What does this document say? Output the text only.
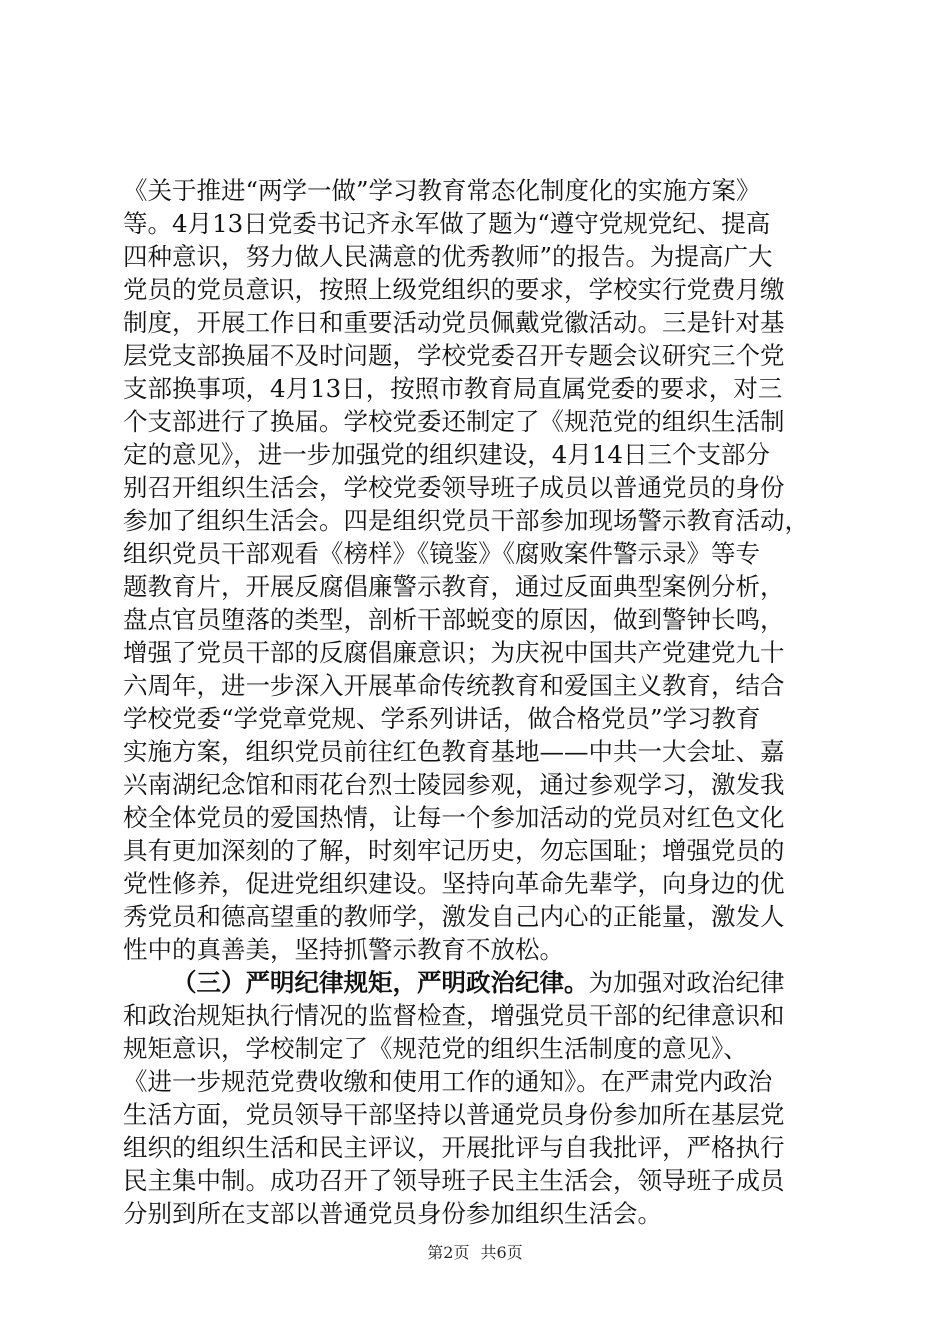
《关于推进“两学一做”学习教育常态化制度化的实施方案》
等。4月13日党委书记齐永军做了题为“遵守党规党纪、提高
四种意识，努力做人民满意的优秀教师”的报告。为提高广大
党员的党员意识，按照上级党组织的要求，学校实行党费月缴
制度，开展工作日和重要活动党员佩戴党徽活动。三是针对基
层党支部换届不及时问题，学校党委召开专题会议研究三个党
支部换事项，4月13日，按照市教育局直属党委的要求，对三
个支部进行了换届。学校党委还制定了《规范党的组织生活制
定的意见》，进一步加强党的组织建设，4月14日三个支部分
别召开组织生活会，学校党委领导班子成员以普通党员的身份
参加了组织生活会。四是组织党员干部参加现场警示教育活动，
组织党员干部观看《榜样》《镜鉴》《腐败案件警示录》等专
题教育片，开展反腐倡廉警示教育，通过反面典型案例分析，
盘点官员堕落的类型，剖析干部蜕变的原因，做到警钟长鸣，
增强了党员干部的反腐倡廉意识；为庆祝中国共产党建党九十
六周年，进一步深入开展革命传统教育和爱国主义教育，结合
学校党委“学党章党规、学系列讲话，做合格党员”学习教育
实施方案，组织党员前往红色教育基地——中共一大会址、嘉
兴南湖纪念馆和雨花台烈士陵园参观，通过参观学习，激发我
校全体党员的爱国热情，让每一个参加活动的党员对红色文化
具有更加深刻的了解，时刻牢记历史，勿忘国耻；增强党员的
党性修养，促进党组织建设。坚持向革命先辈学，向身边的优
秀党员和德高望重的教师学，激发自己内心的正能量，激发人
性中的真善美，坚持抓警示教育不放松。

（三）严明纪律规矩，严明政治纪律。为加强对政治纪律
和政治规矩执行情况的监督检查，增强党员干部的纪律意识和
规矩意识，学校制定了《规范党的组织生活制度的意见》、
《进一步规范党费收缴和使用工作的通知》。在严肃党内政治
生活方面，党员领导干部坚持以普通党员身份参加所在基层党
组织的组织生活和民主评议，开展批评与自我批评，严格执行
民主集中制。成功召开了领导班子民主生活会，领导班子成员
分别到所在支部以普通党员身份参加组织生活会。

第2页 共6页
